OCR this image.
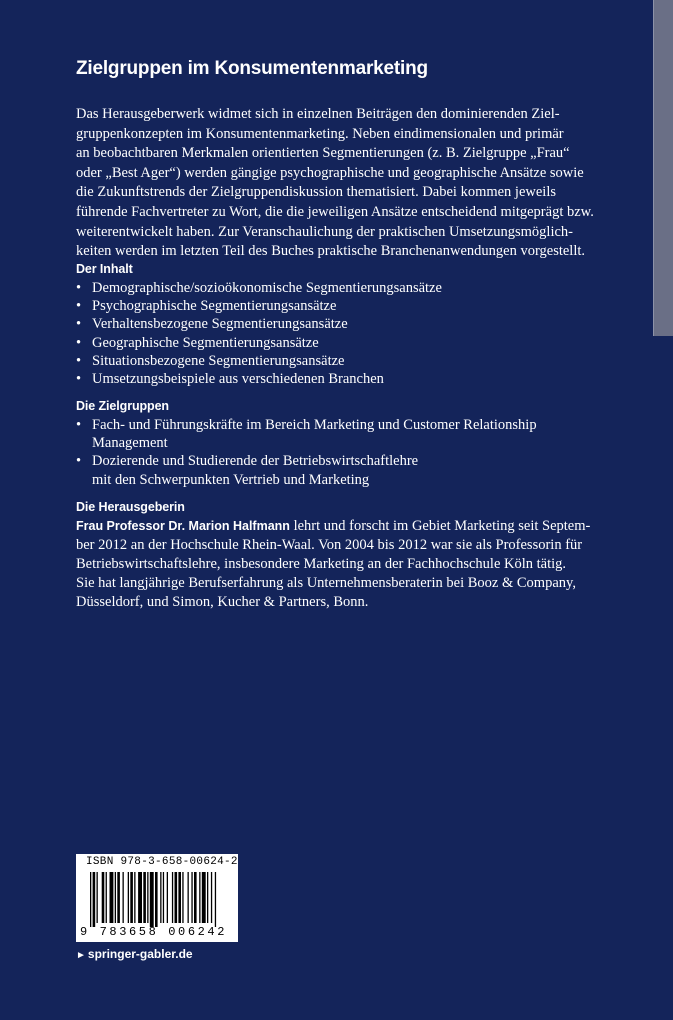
Zielgruppen im Konsumentenmarketing

Das Herausgeberwerk widmet sich in einzelnen Beiträgen den dominierenden Ziel-
gruppenkonzepten im Konsumentenmarketing. Neben eindimensionalen und primär
an beobachtbaren Merkmalen orientierten Segmentierungen (z. B. Zielgruppe „Frau“
oder „Best Ager“) werden gängige psychographische und geographische Ansätze sowie
die Zukunftstrends der Zielgruppendiskussion thematisiert. Dabei kommen jeweils
führende Fachvertreter zu Wort, die die jeweiligen Ansätze entscheidend mitgeprägt bzw.
weiterentwickelt haben. Zur Veranschaulichung der praktischen Umsetzungsmöglich-
keiten werden im letzten Teil des Buches praktische Branchenanwendungen vorgestellt.

Der Inhalt
• Demographische/sozioökonomische Segmentierungsansätze
• Psychographische Segmentierungsansätze
• Verhaltensbezogene Segmentierungsansätze
• Geographische Segmentierungsansätze
• Situationsbezogene Segmentierungsansätze
• Umsetzungsbeispiele aus verschiedenen Branchen
Die Zielgruppen
• Fach- und Führungskräfte im Bereich Marketing und Customer Relationship
Management
• Dozierende und Studierende der Betriebswirtschaftlehre
mit den Schwerpunkten Vertrieb und Marketing
Die Herausgeberin

Frau Professor Dr. Marion Halfmann lehrt und forscht im Gebiet Marketing seit Septem-
ber 2012 an der Hochschule Rhein-Waal. Von 2004 bis 2012 war sie als Professorin für
Betriebswirtschaftslehre, insbesondere Marketing an der Fachhochschule Köln tätig.
Sie hat langjährige Berufserfahrung als Unternehmensberaterin bei Booz & Company,
Düsseldorf, und Simon, Kucher & Partners, Bonn.

ISBN 978-3-658-00624-2
9 783658 006242
► springer-gabler.de
